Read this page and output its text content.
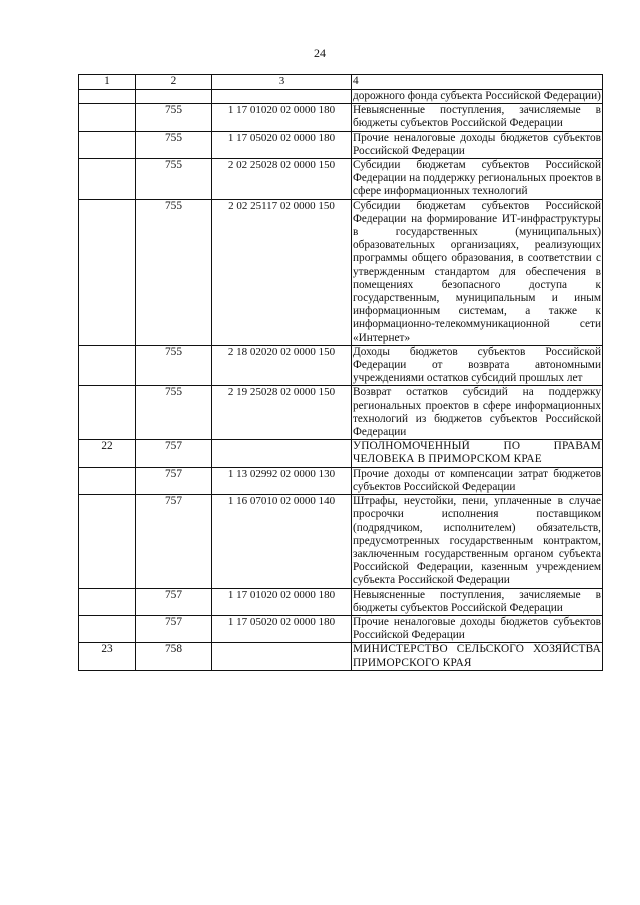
24
1	2	3	4
			дорожного фонда субъекта Российской Федерации)
	755	1 17 01020 02 0000 180	Невыясненные поступления, зачисляемые в бюджеты субъектов Российской Федерации
	755	1 17 05020 02 0000 180	Прочие неналоговые доходы бюджетов субъектов Российской Федерации
	755	2 02 25028 02 0000 150	Субсидии бюджетам субъектов Российской Федерации на поддержку региональных проектов в сфере информационных технологий
	755	2 02 25117 02 0000 150	Субсидии бюджетам субъектов Российской Федерации на формирование ИТ-инфраструктуры в государственных (муниципальных) образовательных организациях, реализующих программы общего образования, в соответствии с утвержденным стандартом для обеспечения в помещениях безопасного доступа к государственным, муниципальным и иным информационным системам, а также к информационно-телекоммуникационной сети «Интернет»
	755	2 18 02020 02 0000 150	Доходы бюджетов субъектов Российской Федерации от возврата автономными учреждениями остатков субсидий прошлых лет
	755	2 19 25028 02 0000 150	Возврат остатков субсидий на поддержку региональных проектов в сфере информационных технологий из бюджетов субъектов Российской Федерации
22	757		УПОЛНОМОЧЕННЫЙ ПО ПРАВАМ ЧЕЛОВЕКА В ПРИМОРСКОМ КРАЕ
	757	1 13 02992 02 0000 130	Прочие доходы от компенсации затрат бюджетов субъектов Российской Федерации
	757	1 16 07010 02 0000 140	Штрафы, неустойки, пени, уплаченные в случае просрочки исполнения поставщиком (подрядчиком, исполнителем) обязательств, предусмотренных государственным контрактом, заключенным государственным органом субъекта Российской Федерации, казенным учреждением субъекта Российской Федерации
	757	1 17 01020 02 0000 180	Невыясненные поступления, зачисляемые в бюджеты субъектов Российской Федерации
	757	1 17 05020 02 0000 180	Прочие неналоговые доходы бюджетов субъектов Российской Федерации
23	758		МИНИСТЕРСТВО СЕЛЬСКОГО ХОЗЯЙСТВА ПРИМОРСКОГО КРАЯ
